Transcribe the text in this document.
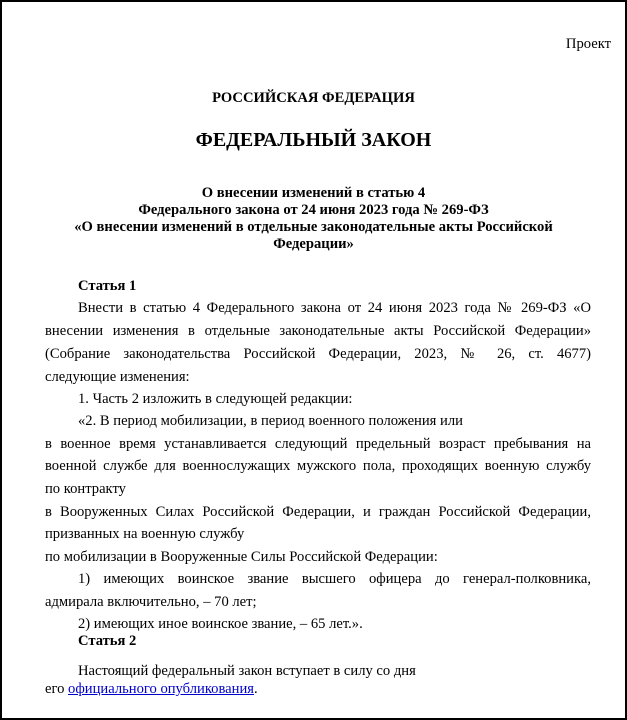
Проект
РОССИЙСКАЯ ФЕДЕРАЦИЯ
ФЕДЕРАЛЬНЫЙ ЗАКОН
О внесении изменений в статью 4
Федерального закона от 24 июня 2023 года № 269-ФЗ
«О внесении изменений в отдельные законодательные акты Российской
Федерации»
Статья 1
Внести в статью 4 Федерального закона от 24 июня 2023 года № 269-ФЗ «О
внесении изменения в отдельные законодательные акты Российской Федерации»
(Собрание законодательства Российской Федерации, 2023, № 26, ст. 4677)
следующие изменения:
1. Часть 2 изложить в следующей редакции:
«2. В период мобилизации, в период военного положения или
в военное время устанавливается следующий предельный возраст пребывания на
военной службе для военнослужащих мужского пола, проходящих военную службу
по контракту
в Вооруженных Силах Российской Федерации, и граждан Российской Федерации,
призванных на военную службу
по мобилизации в Вооруженные Силы Российской Федерации:
1) имеющих воинское звание высшего офицера до генерал-полковника,
адмирала включительно, – 70 лет;
2) имеющих иное воинское звание, – 65 лет.».
Статья 2
Настоящий федеральный закон вступает в силу со дня
его официального опубликования.
